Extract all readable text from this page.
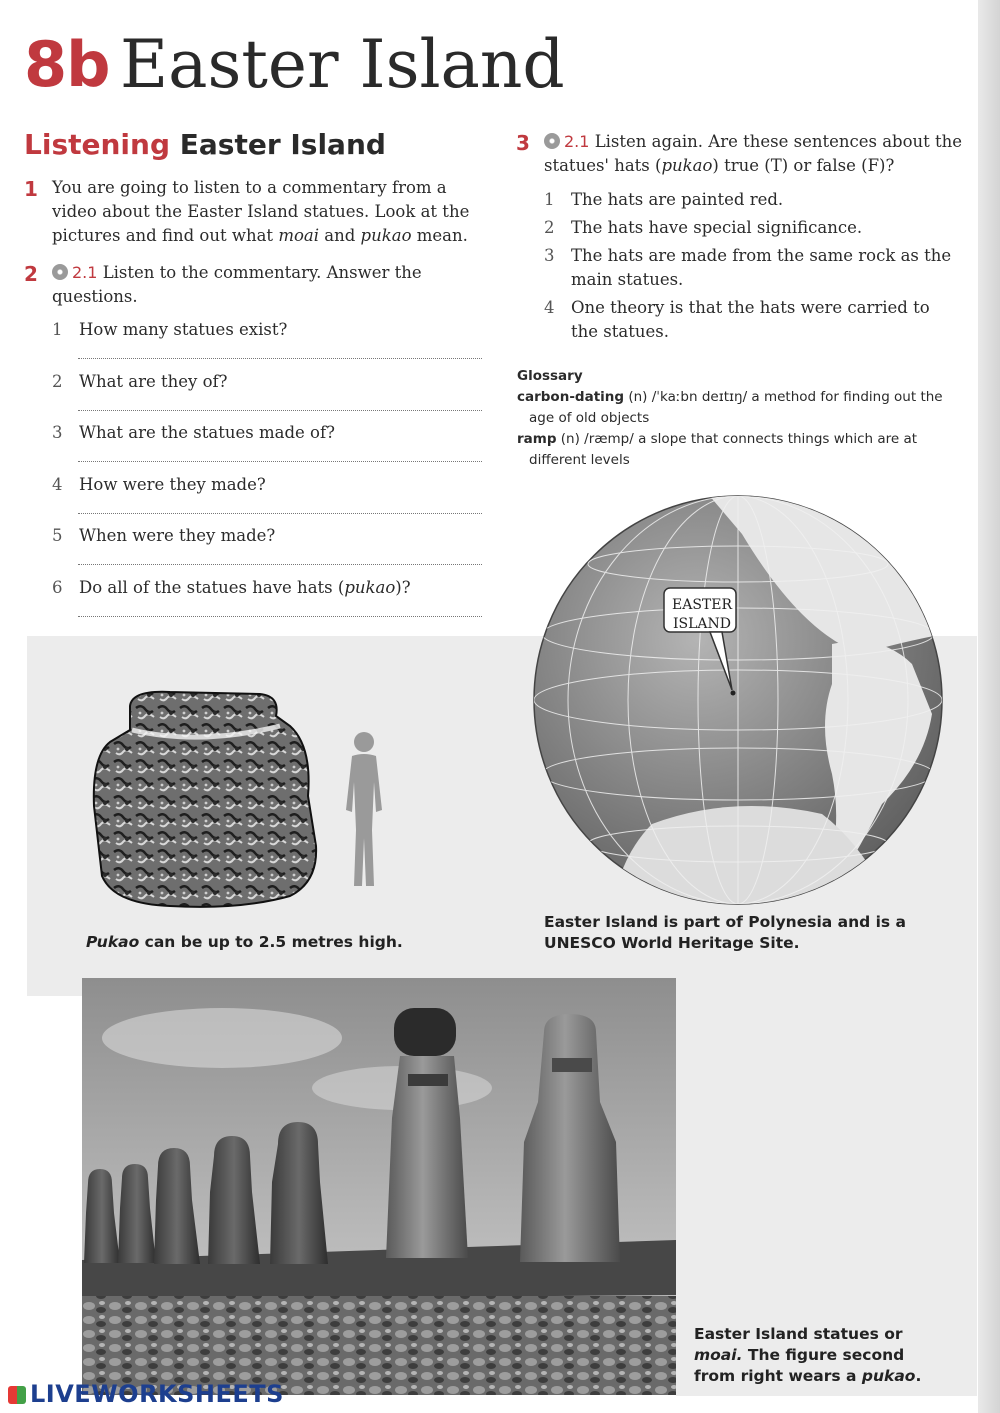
8b Easter Island
Listening Easter Island
1 You are going to listen to a commentary from a video about the Easter Island statues. Look at the pictures and find out what moai and pukao mean.
2	2.1 Listen to the commentary. Answer the questions.
1 How many statues exist?
2 What are they of?
3 What are the statues made of?
4 How were they made?
5 When were they made?
6 Do all of the statues have hats (pukao)?
3	2.1 Listen again. Are these sentences about the statues' hats (pukao) true (T) or false (F)?
1	The hats are painted red.
2	The hats have special significance.
3	The hats are made from the same rock as the main statues.
4	One theory is that the hats were carried to the statues.
Glossary
carbon-dating (n) /ˈkaːbn deɪtɪŋ/ a method for finding out the age of old objects
ramp (n) /ræmp/ a slope that connects things which are at different levels
Pukao can be up to 2.5 metres high.
EASTER
ISLAND
Easter Island is part of Polynesia and is a UNESCO World Heritage Site.
Easter Island statues or moai. The figure second from right wears a pukao.
LIVEWORKSHEETS
